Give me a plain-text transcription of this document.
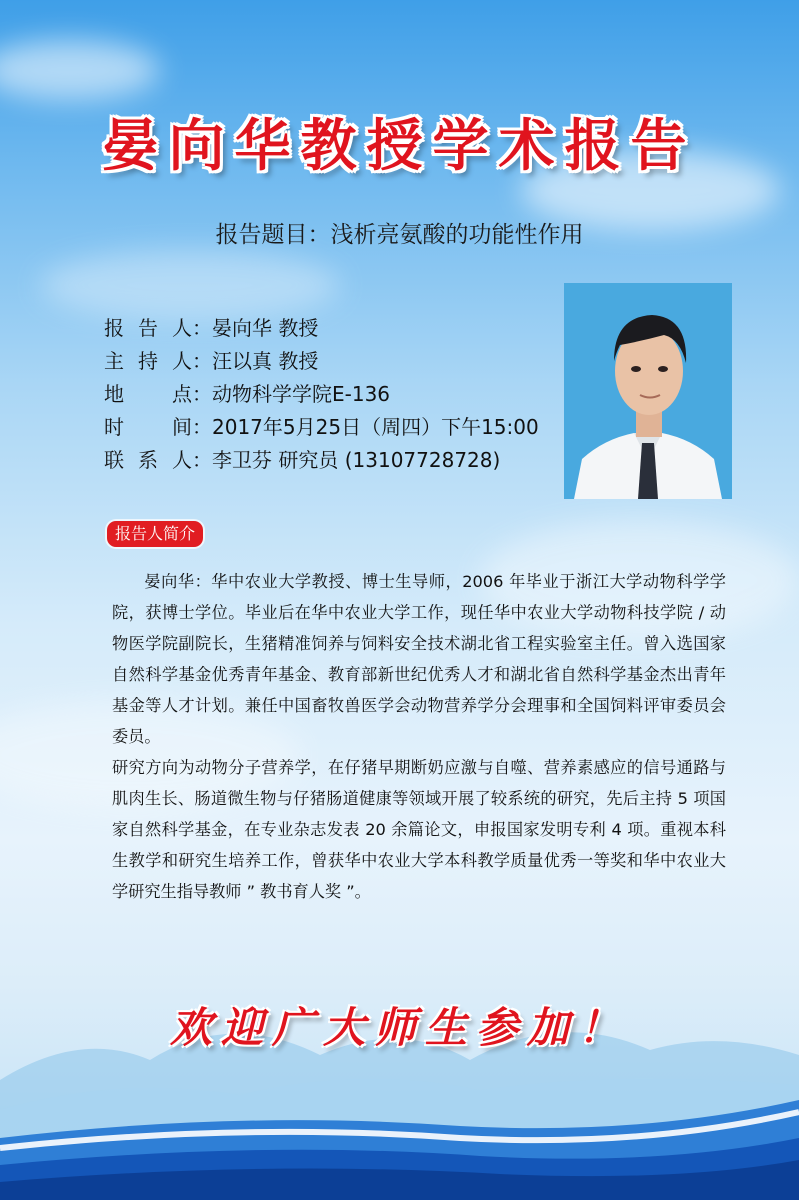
晏向华教授学术报告
报告题目：浅析亮氨酸的功能性作用
报告人：晏向华 教授
主持人：汪以真 教授
地点：动物科学学院E-136
时间：2017年5月25日（周四）下午15:00
联系人：李卫芬 研究员 (13107728728)
报告人简介

晏向华：华中农业大学教授、博士生导师，2006 年毕业于浙江大学动物科学学院，获博士学位。毕业后在华中农业大学工作，现任华中农业大学动物科技学院 / 动物医学院副院长，生猪精准饲养与饲料安全技术湖北省工程实验室主任。曾入选国家自然科学基金优秀青年基金、教育部新世纪优秀人才和湖北省自然科学基金杰出青年基金等人才计划。兼任中国畜牧兽医学会动物营养学分会理事和全国饲料评审委员会委员。

研究方向为动物分子营养学，在仔猪早期断奶应激与自噬、营养素感应的信号通路与肌肉生长、肠道微生物与仔猪肠道健康等领域开展了较系统的研究，先后主持 5 项国家自然科学基金，在专业杂志发表 20 余篇论文，申报国家发明专利 4 项。重视本科生教学和研究生培养工作，曾获华中农业大学本科教学质量优秀一等奖和华中农业大学研究生指导教师 ” 教书育人奖 ”。

欢迎广大师生参加！
